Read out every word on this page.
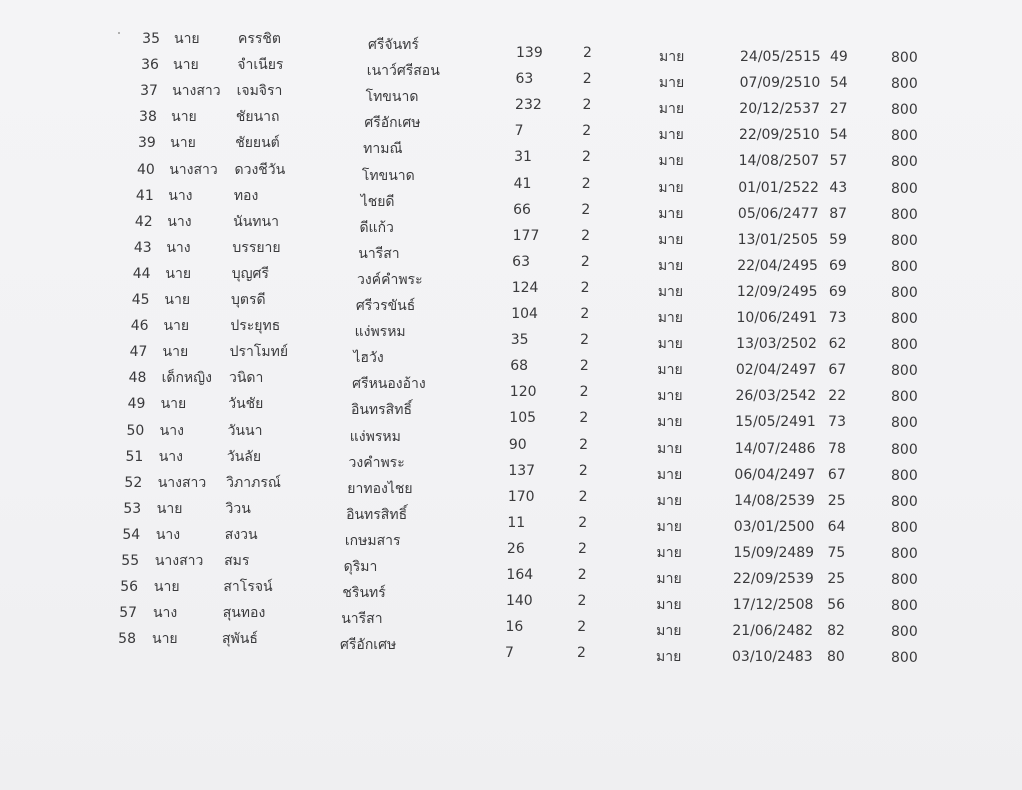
35 นาย	ครรชิต	ศรีจันทร์	139	2	มาย	24/05/2515 49	800
36 นาย	จำเนียร	เนาว์ศรีสอน	63	2	มาย	07/09/2510 54	800
37 นางสาว เจมจิรา	โทขนาด	232	2	มาย	20/12/2537 27	800
38 นาย	ชัยนาถ	ศรีอักเศษ	7	2	มาย	22/09/2510 54	800
39 นาย	ชัยยนต์	ทามณี	31	2	มาย	14/08/2507 57	800
40 นางสาว ดวงชีวัน	โทขนาด	41	2	มาย	01/01/2522 43	800
41 นาง	ทอง	ไชยดี	66	2	มาย	05/06/2477 87	800
42 นาง	นันทนา	ดีแก้ว	177	2	มาย	13/01/2505 59	800
43 นาง	บรรยาย	นารีสา	63	2	มาย	22/04/2495 69	800
44 นาย	บุญศรี	วงค์คำพระ	124	2	มาย	12/09/2495 69	800
45 นาย	บุตรดี	ศรีวรขันธ์	104	2	มาย	10/06/2491 73	800
46 นาย	ประยุทธ	แง่พรหม	35	2	มาย	13/03/2502 62	800
47 นาย	ปราโมทย์	ไฮวัง	68	2	มาย	02/04/2497 67	800
48 เด็กหญิง วนิดา	ศรีหนองอ้าง	120	2	มาย	26/03/2542 22	800
49 นาย	วันชัย	อินทรสิทธิ์	105	2	มาย	15/05/2491 73	800
50 นาง	วันนา	แง่พรหม	90	2	มาย	14/07/2486 78	800
51 นาง	วันลัย	วงคำพระ	137	2	มาย	06/04/2497 67	800
52 นางสาว วิภาภรณ์	ยาทองไชย	170	2	มาย	14/08/2539 25	800
53 นาย	วิวน	อินทรสิทธิ์	11	2	มาย	03/01/2500 64	800
54 นาง	สงวน	เกษมสาร	26	2	มาย	15/09/2489 75	800
55 นางสาว สมร	ดุริมา	164	2	มาย	22/09/2539 25	800
56 นาย	สาโรจน์	ชรินทร์	140	2	มาย	17/12/2508 56	800
57 นาง	สุนทอง	นารีสา	16	2	มาย	21/06/2482 82	800
58 นาย	สุพันธ์	ศรีอักเศษ	7	2	มาย	03/10/2483 80	800
